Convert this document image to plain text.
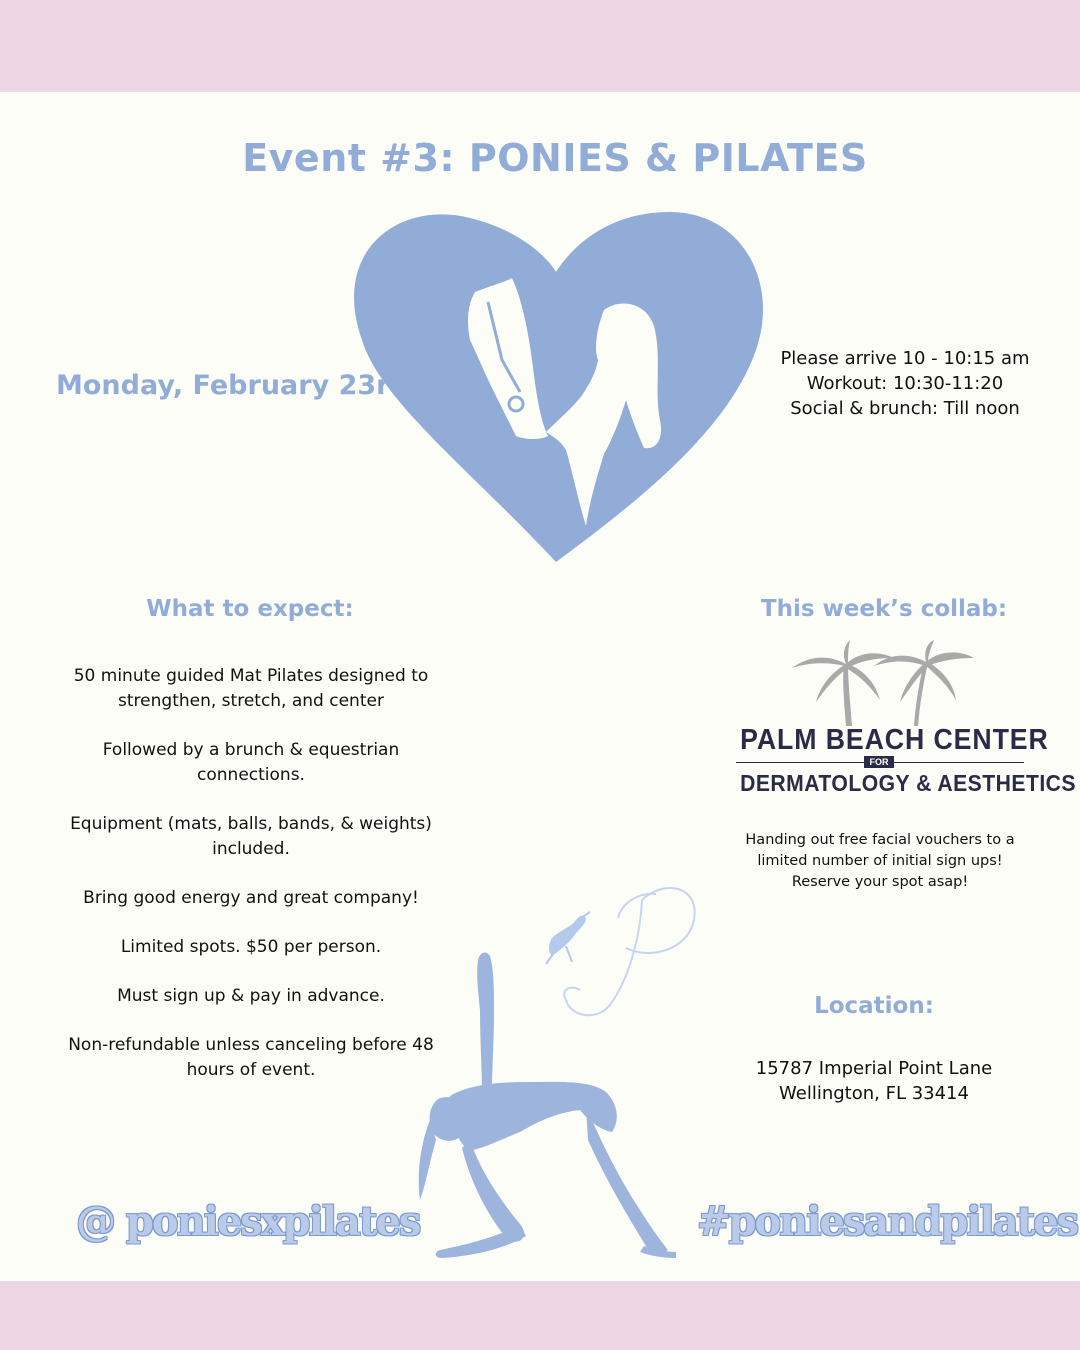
Event #3: PONIES & PILATES
Monday, February 23rd
Please arrive 10 - 10:15 am
Workout: 10:30-11:20
Social & brunch: Till noon
What to expect:	This week’s collab:

50 minute guided Mat Pilates designed to strengthen, stretch, and center

Followed by a brunch & equestrian connections.

Equipment (mats, balls, bands, & weights) included.

Bring good energy and great company!

Limited spots. $50 per person.

Must sign up & pay in advance.

Non-refundable unless canceling before 48 hours of event.

PALM BEACH CENTER
FOR
DERMATOLOGY & AESTHETICS
Handing out free facial vouchers to a
limited number of initial sign ups!
Reserve your spot asap!
Location:
15787 Imperial Point Lane
Wellington, FL 33414
@ poniesxpilates	#poniesandpilates
